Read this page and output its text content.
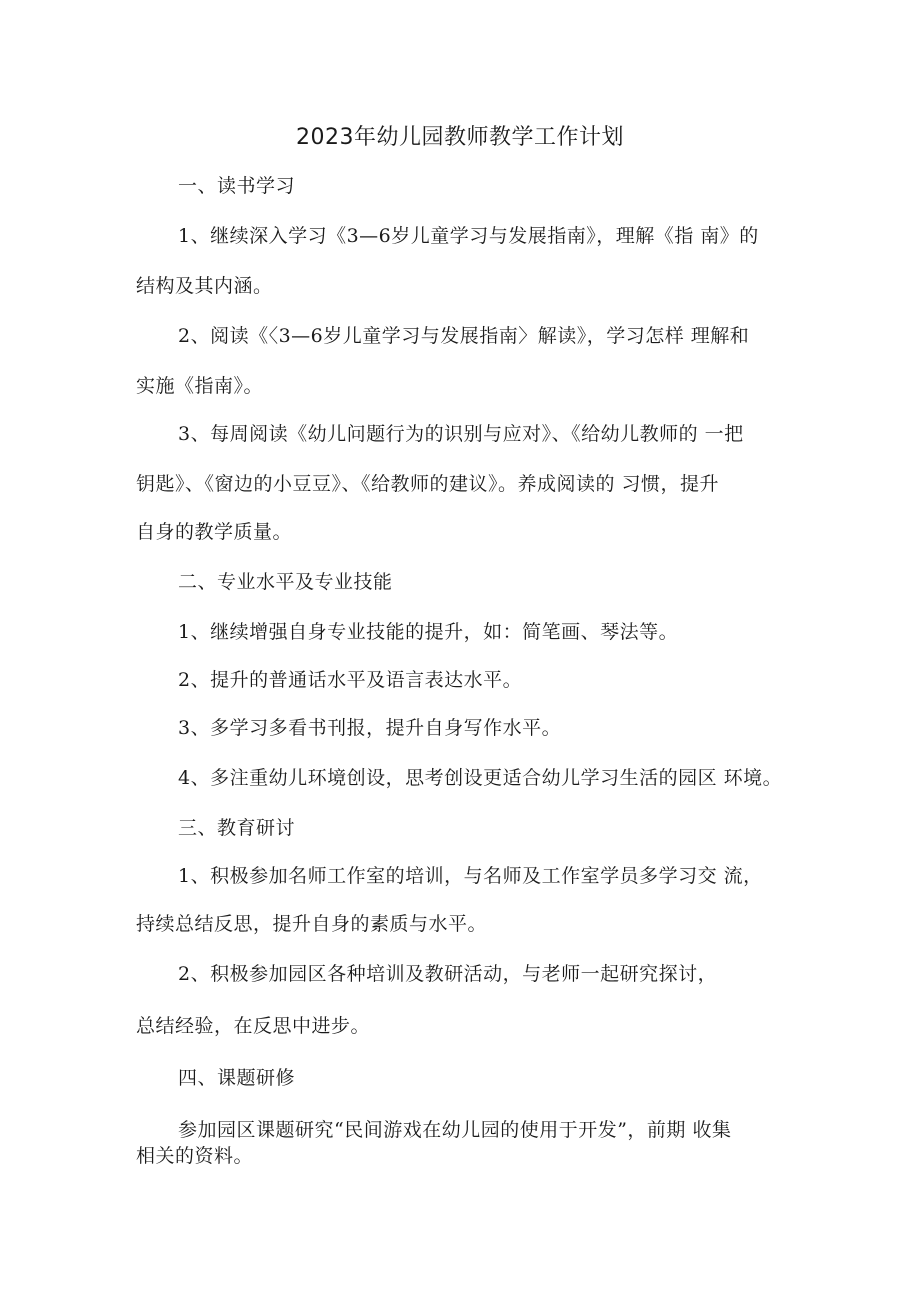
2023年幼儿园教师教学工作计划
一、读书学习
1、继续深入学习《3—6岁儿童学习与发展指南》，理解《指 南》的
结构及其内涵。
2、阅读《〈3—6岁儿童学习与发展指南〉解读》，学习怎样 理解和
实施《指南》。
3、每周阅读《幼儿问题行为的识别与应对》、《给幼儿教师的 一把
钥匙》、《窗边的小豆豆》、《给教师的建议》。养成阅读的 习惯，提升
自身的教学质量。
二、专业水平及专业技能
1、继续增强自身专业技能的提升，如：简笔画、琴法等。
2、提升的普通话水平及语言表达水平。
3、多学习多看书刊报，提升自身写作水平。
4、多注重幼儿环境创设，思考创设更适合幼儿学习生活的园区 环境。
三、教育研讨
1、积极参加名师工作室的培训，与名师及工作室学员多学习交 流，
持续总结反思，提升自身的素质与水平。
2、积极参加园区各种培训及教研活动，与老师一起研究探讨，
总结经验，在反思中进步。
四、课题研修
参加园区课题研究“民间游戏在幼儿园的使用于开发”，前期 收集
相关的资料。
